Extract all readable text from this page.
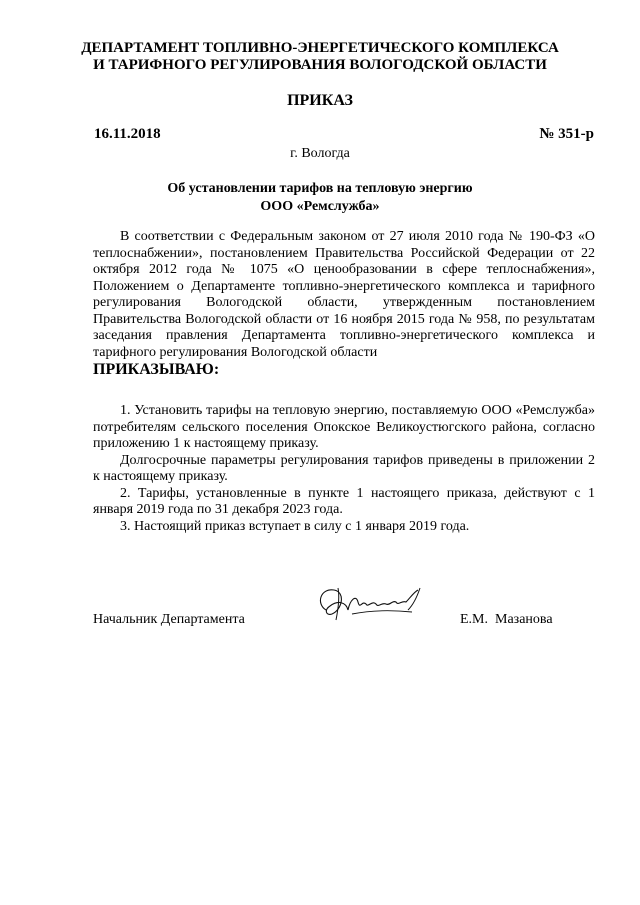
ДЕПАРТАМЕНТ ТОПЛИВНО-ЭНЕРГЕТИЧЕСКОГО КОМПЛЕКСА
И ТАРИФНОГО РЕГУЛИРОВАНИЯ ВОЛОГОДСКОЙ ОБЛАСТИ
ПРИКАЗ
16.11.2018	№ 351-р
г. Вологда
Об установлении тарифов на тепловую энергию
ООО «Ремслужба»

В соответствии с Федеральным законом от 27 июля 2010 года № 190-ФЗ «О теплоснабжении», постановлением Правительства Российской Федерации от 22 октября 2012 года № 1075 «О ценообразовании в сфере теплоснабжения», Положением о Департаменте топливно-энергетического комплекса и тарифного регулирования Вологодской области, утвержденным постановлением Правительства Вологодской области от 16 ноября 2015 года № 958, по результатам заседания правления Департамента топливно-энергетического комплекса и тарифного регулирования Вологодской области

ПРИКАЗЫВАЮ:

1. Установить тарифы на тепловую энергию, поставляемую ООО «Ремслужба» потребителям сельского поселения Опокское Великоустюгского района, согласно приложению 1 к настоящему приказу.

Долгосрочные параметры регулирования тарифов приведены в приложении 2 к настоящему приказу.

2. Тарифы, установленные в пункте 1 настоящего приказа, действуют с 1 января 2019 года по 31 декабря 2023 года.

3. Настоящий приказ вступает в силу с 1 января 2019 года.

Начальник Департамента	Е.М.  Мазанова
